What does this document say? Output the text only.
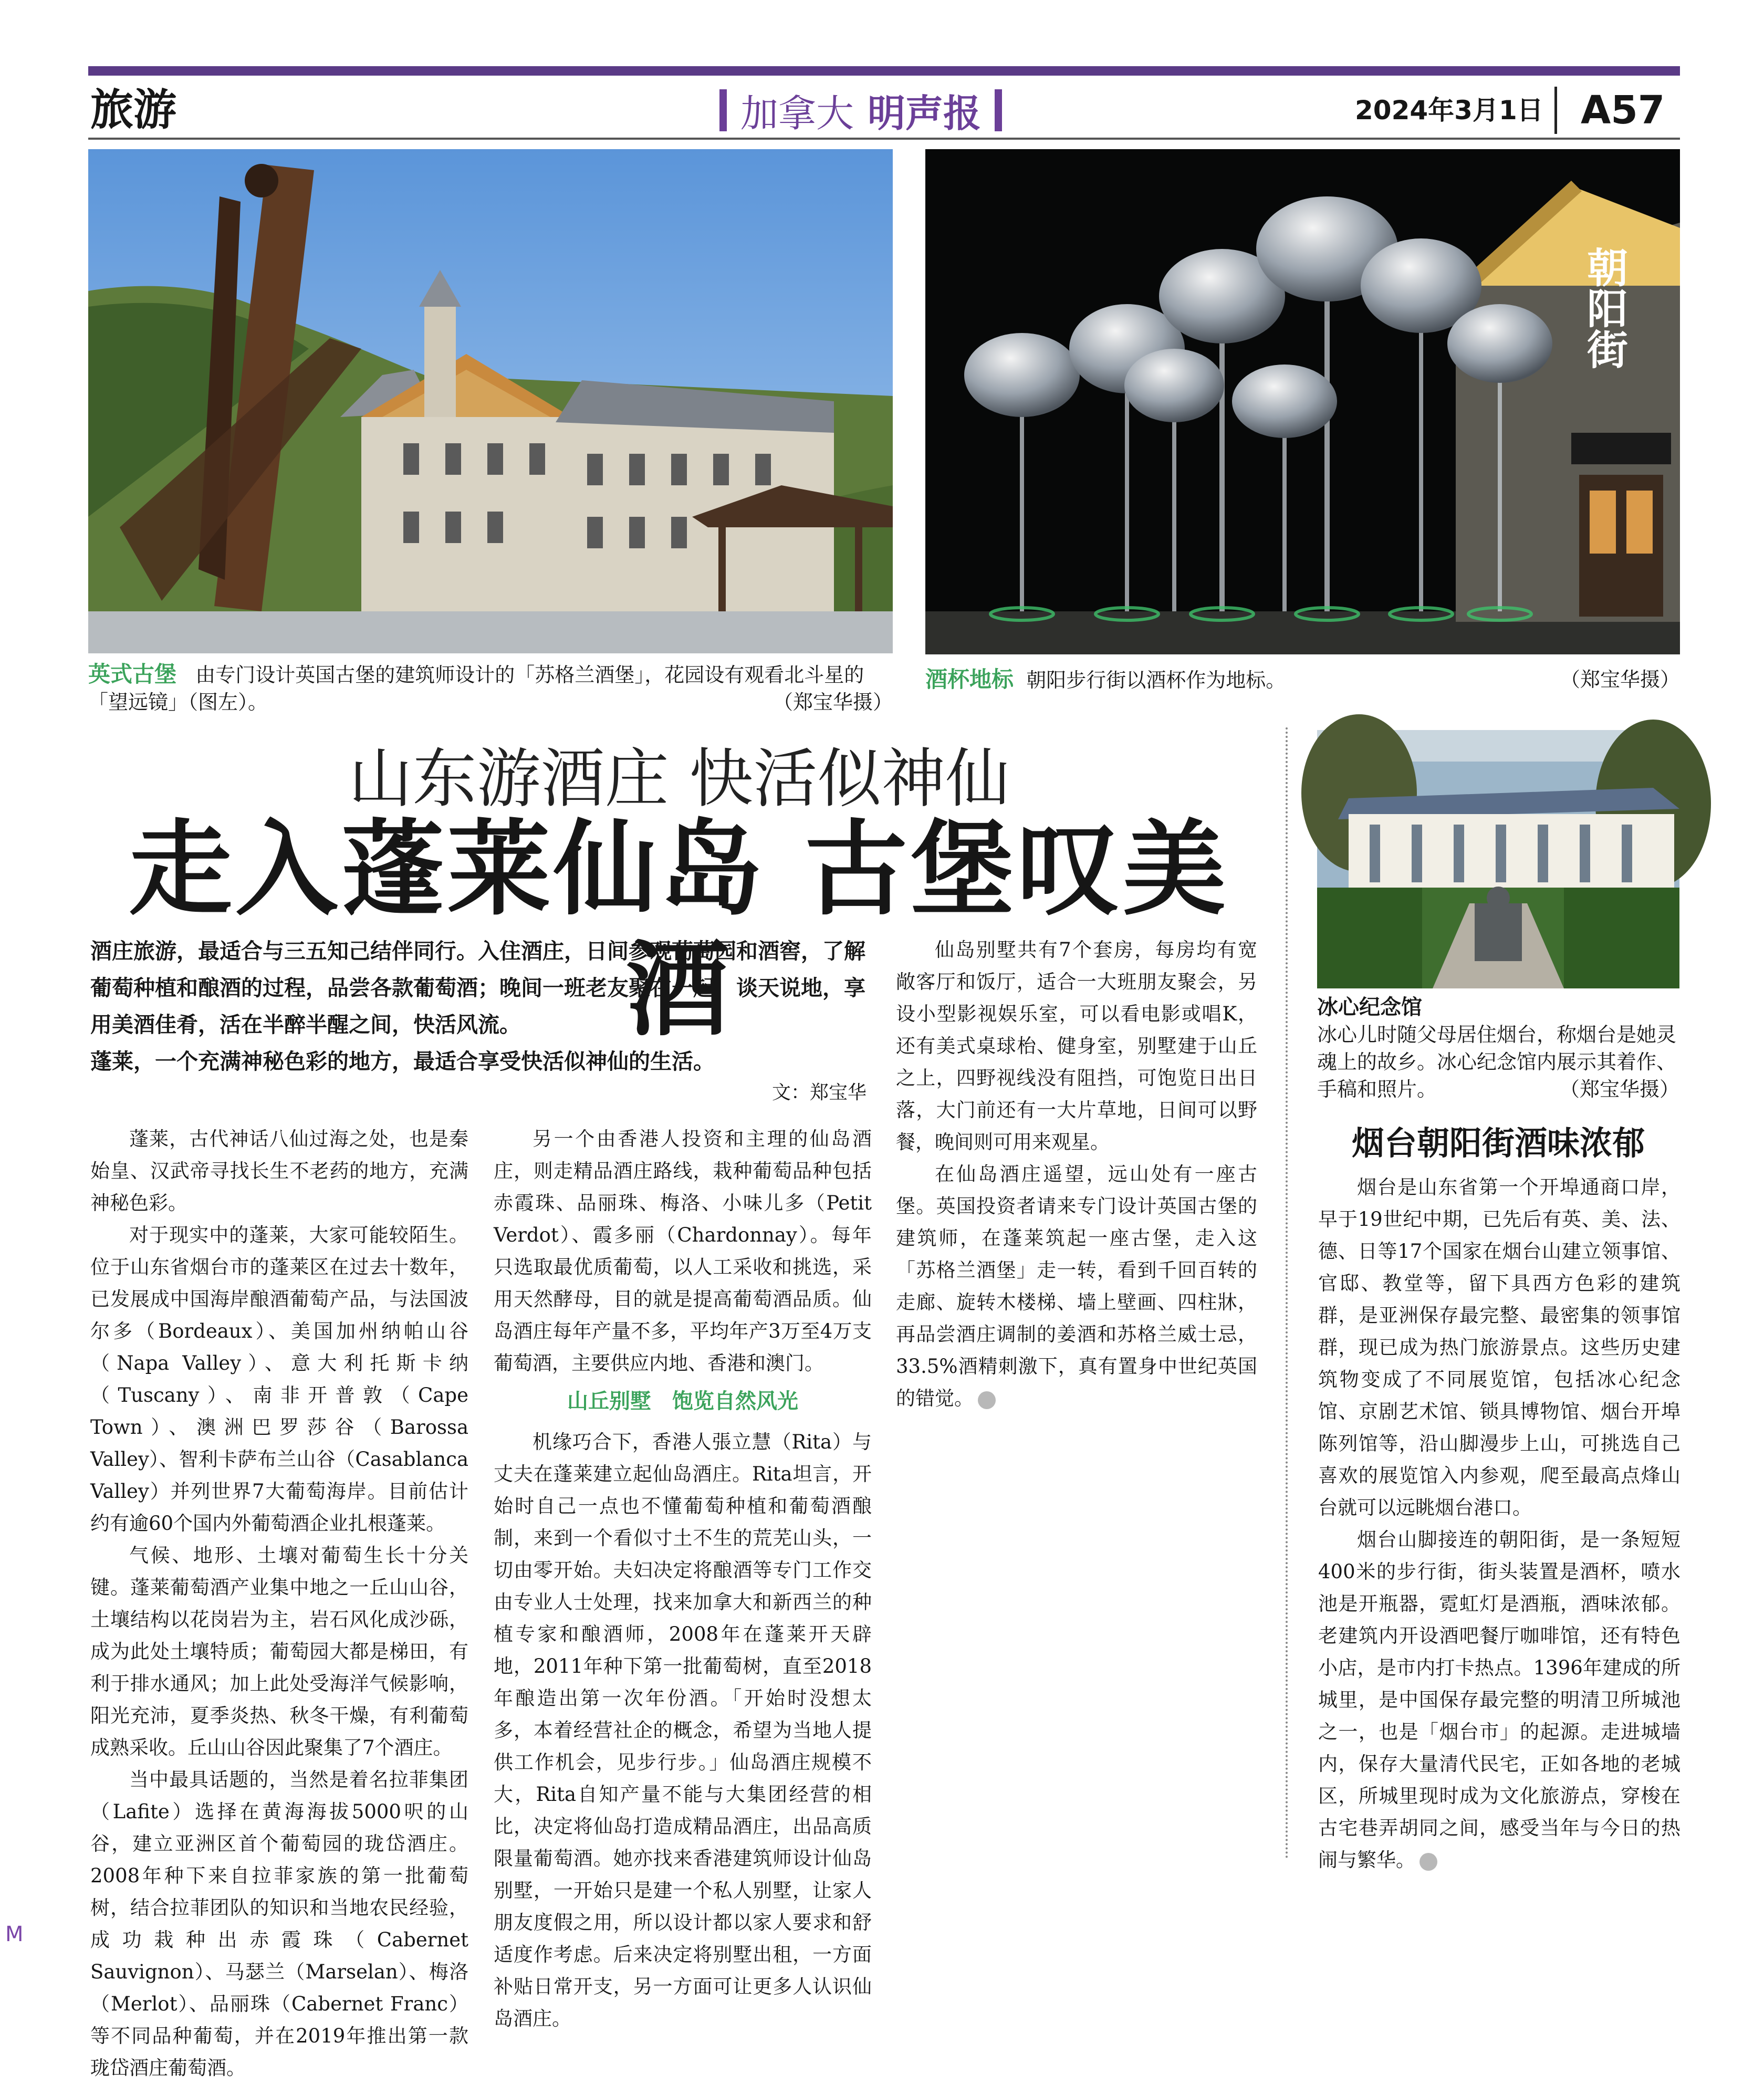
旅游	加拿大 明声报	2024年3月1日 A57
英式古堡 由专门设计英国古堡的建筑师设计的「苏格兰酒堡」，花园设有观看北斗星的「望远镜」（图左）。	（郑宝华摄）
朝阳街
酒杯地标 朝阳步行街以酒杯作为地标。	（郑宝华摄）
冰心纪念馆
冰心儿时随父母居住烟台，称烟台是她灵魂上的故乡。冰心纪念馆内展示其着作、手稿和照片。	（郑宝华摄）
山东游酒庄 快活似神仙
走入蓬莱仙岛 古堡叹美酒

酒庄旅游，最适合与三五知己结伴同行。入住酒庄，日间参观葡萄园和酒窖，了解葡萄种植和酿酒的过程，品尝各款葡萄酒；晚间一班老友聚在一起，谈天说地，享用美酒佳肴，活在半醉半醒之间，快活风流。

蓬莱，一个充满神秘色彩的地方，最适合享受快活似神仙的生活。

文：郑宝华

蓬莱，古代神话八仙过海之处，也是秦始皇、汉武帝寻找长生不老药的地方，充满神秘色彩。

对于现实中的蓬莱，大家可能较陌生。位于山东省烟台市的蓬莱区在过去十数年，已发展成中国海岸酿酒葡萄产品，与法国波尔多（Bordeaux）、美国加州纳帕山谷（Napa Valley）、意大利托斯卡纳（Tuscany）、南非开普敦（Cape Town）、澳洲巴罗莎谷（Barossa Valley）、智利卡萨布兰山谷（Casablanca Valley）并列世界7大葡萄海岸。目前估计约有逾60个国内外葡萄酒企业扎根蓬莱。

气候、地形、土壤对葡萄生长十分关键。蓬莱葡萄酒产业集中地之一丘山山谷，土壤结构以花岗岩为主，岩石风化成沙砾，成为此处土壤特质；葡萄园大都是梯田，有利于排水通风；加上此处受海洋气候影响，阳光充沛，夏季炎热、秋冬干燥，有利葡萄成熟采收。丘山山谷因此聚集了7个酒庄。

当中最具话题的，当然是着名拉菲集团（Lafite）选择在黄海海拔5000呎的山谷，建立亚洲区首个葡萄园的珑岱酒庄。2008年种下来自拉菲家族的第一批葡萄树，结合拉菲团队的知识和当地农民经验，成功栽种出赤霞珠（Cabernet Sauvignon）、马瑟兰（Marselan）、梅洛（Merlot）、品丽珠（Cabernet Franc）等不同品种葡萄，并在2019年推出第一款珑岱酒庄葡萄酒。

另一个由香港人投资和主理的仙岛酒庄，则走精品酒庄路线，栽种葡萄品种包括赤霞珠、品丽珠、梅洛、小味儿多（Petit Verdot）、霞多丽（Chardonnay）。每年只选取最优质葡萄，以人工采收和挑选，采用天然酵母，目的就是提高葡萄酒品质。仙岛酒庄每年产量不多，平均年产3万至4万支葡萄酒，主要供应内地、香港和澳门。

山丘别墅　饱览自然风光

机缘巧合下，香港人張立慧（Rita）与丈夫在蓬莱建立起仙岛酒庄。Rita坦言，开始时自己一点也不懂葡萄种植和葡萄酒酿制，来到一个看似寸土不生的荒芜山头，一切由零开始。夫妇决定将酿酒等专门工作交由专业人士处理，找来加拿大和新西兰的种植专家和酿酒师，2008年在蓬莱开天辟地，2011年种下第一批葡萄树，直至2018年酿造出第一次年份酒。「开始时没想太多，本着经营社企的概念，希望为当地人提供工作机会，见步行步。」仙岛酒庄规模不大，Rita自知产量不能与大集团经营的相比，决定将仙岛打造成精品酒庄，出品高质限量葡萄酒。她亦找来香港建筑师设计仙岛别墅，一开始只是建一个私人别墅，让家人朋友度假之用，所以设计都以家人要求和舒适度作考虑。后来决定将别墅出租，一方面补贴日常开支，另一方面可让更多人认识仙岛酒庄。

仙岛别墅共有7个套房，每房均有宽敞客厅和饭厅，适合一大班朋友聚会，另设小型影视娱乐室，可以看电影或唱K，还有美式桌球枱、健身室，别墅建于山丘之上，四野视线没有阻挡，可饱览日出日落，大门前还有一大片草地，日间可以野餐，晚间则可用来观星。

在仙岛酒庄遥望，远山处有一座古堡。英国投资者请来专门设计英国古堡的建筑师，在蓬莱筑起一座古堡，走入这「苏格兰酒堡」走一转，看到千回百转的走廊、旋转木楼梯、墙上壁画、四柱牀，再品尝酒庄调制的姜酒和苏格兰威士忌，33.5%酒精刺激下，真有置身中世纪英国的错觉。

烟台朝阳街酒味浓郁

烟台是山东省第一个开埠通商口岸，早于19世纪中期，已先后有英、美、法、德、日等17个国家在烟台山建立领事馆、官邸、教堂等，留下具西方色彩的建筑群，是亚洲保存最完整、最密集的领事馆群，现已成为热门旅游景点。这些历史建筑物变成了不同展览馆，包括冰心纪念馆、京剧艺术馆、锁具博物馆、烟台开埠陈列馆等，沿山脚漫步上山，可挑选自己喜欢的展览馆入内参观，爬至最高点烽山台就可以远眺烟台港口。

烟台山脚接连的朝阳街，是一条短短400米的步行街，街头装置是酒杯，喷水池是开瓶器，霓虹灯是酒瓶，酒味浓郁。老建筑内开设酒吧餐厅咖啡馆，还有特色小店，是市内打卡热点。1396年建成的所城里，是中国保存最完整的明清卫所城池之一，也是「烟台市」的起源。走进城墙内，保存大量清代民宅，正如各地的老城区，所城里现时成为文化旅游点，穿梭在古宅巷弄胡同之间，感受当年与今日的热闹与繁华。

M
